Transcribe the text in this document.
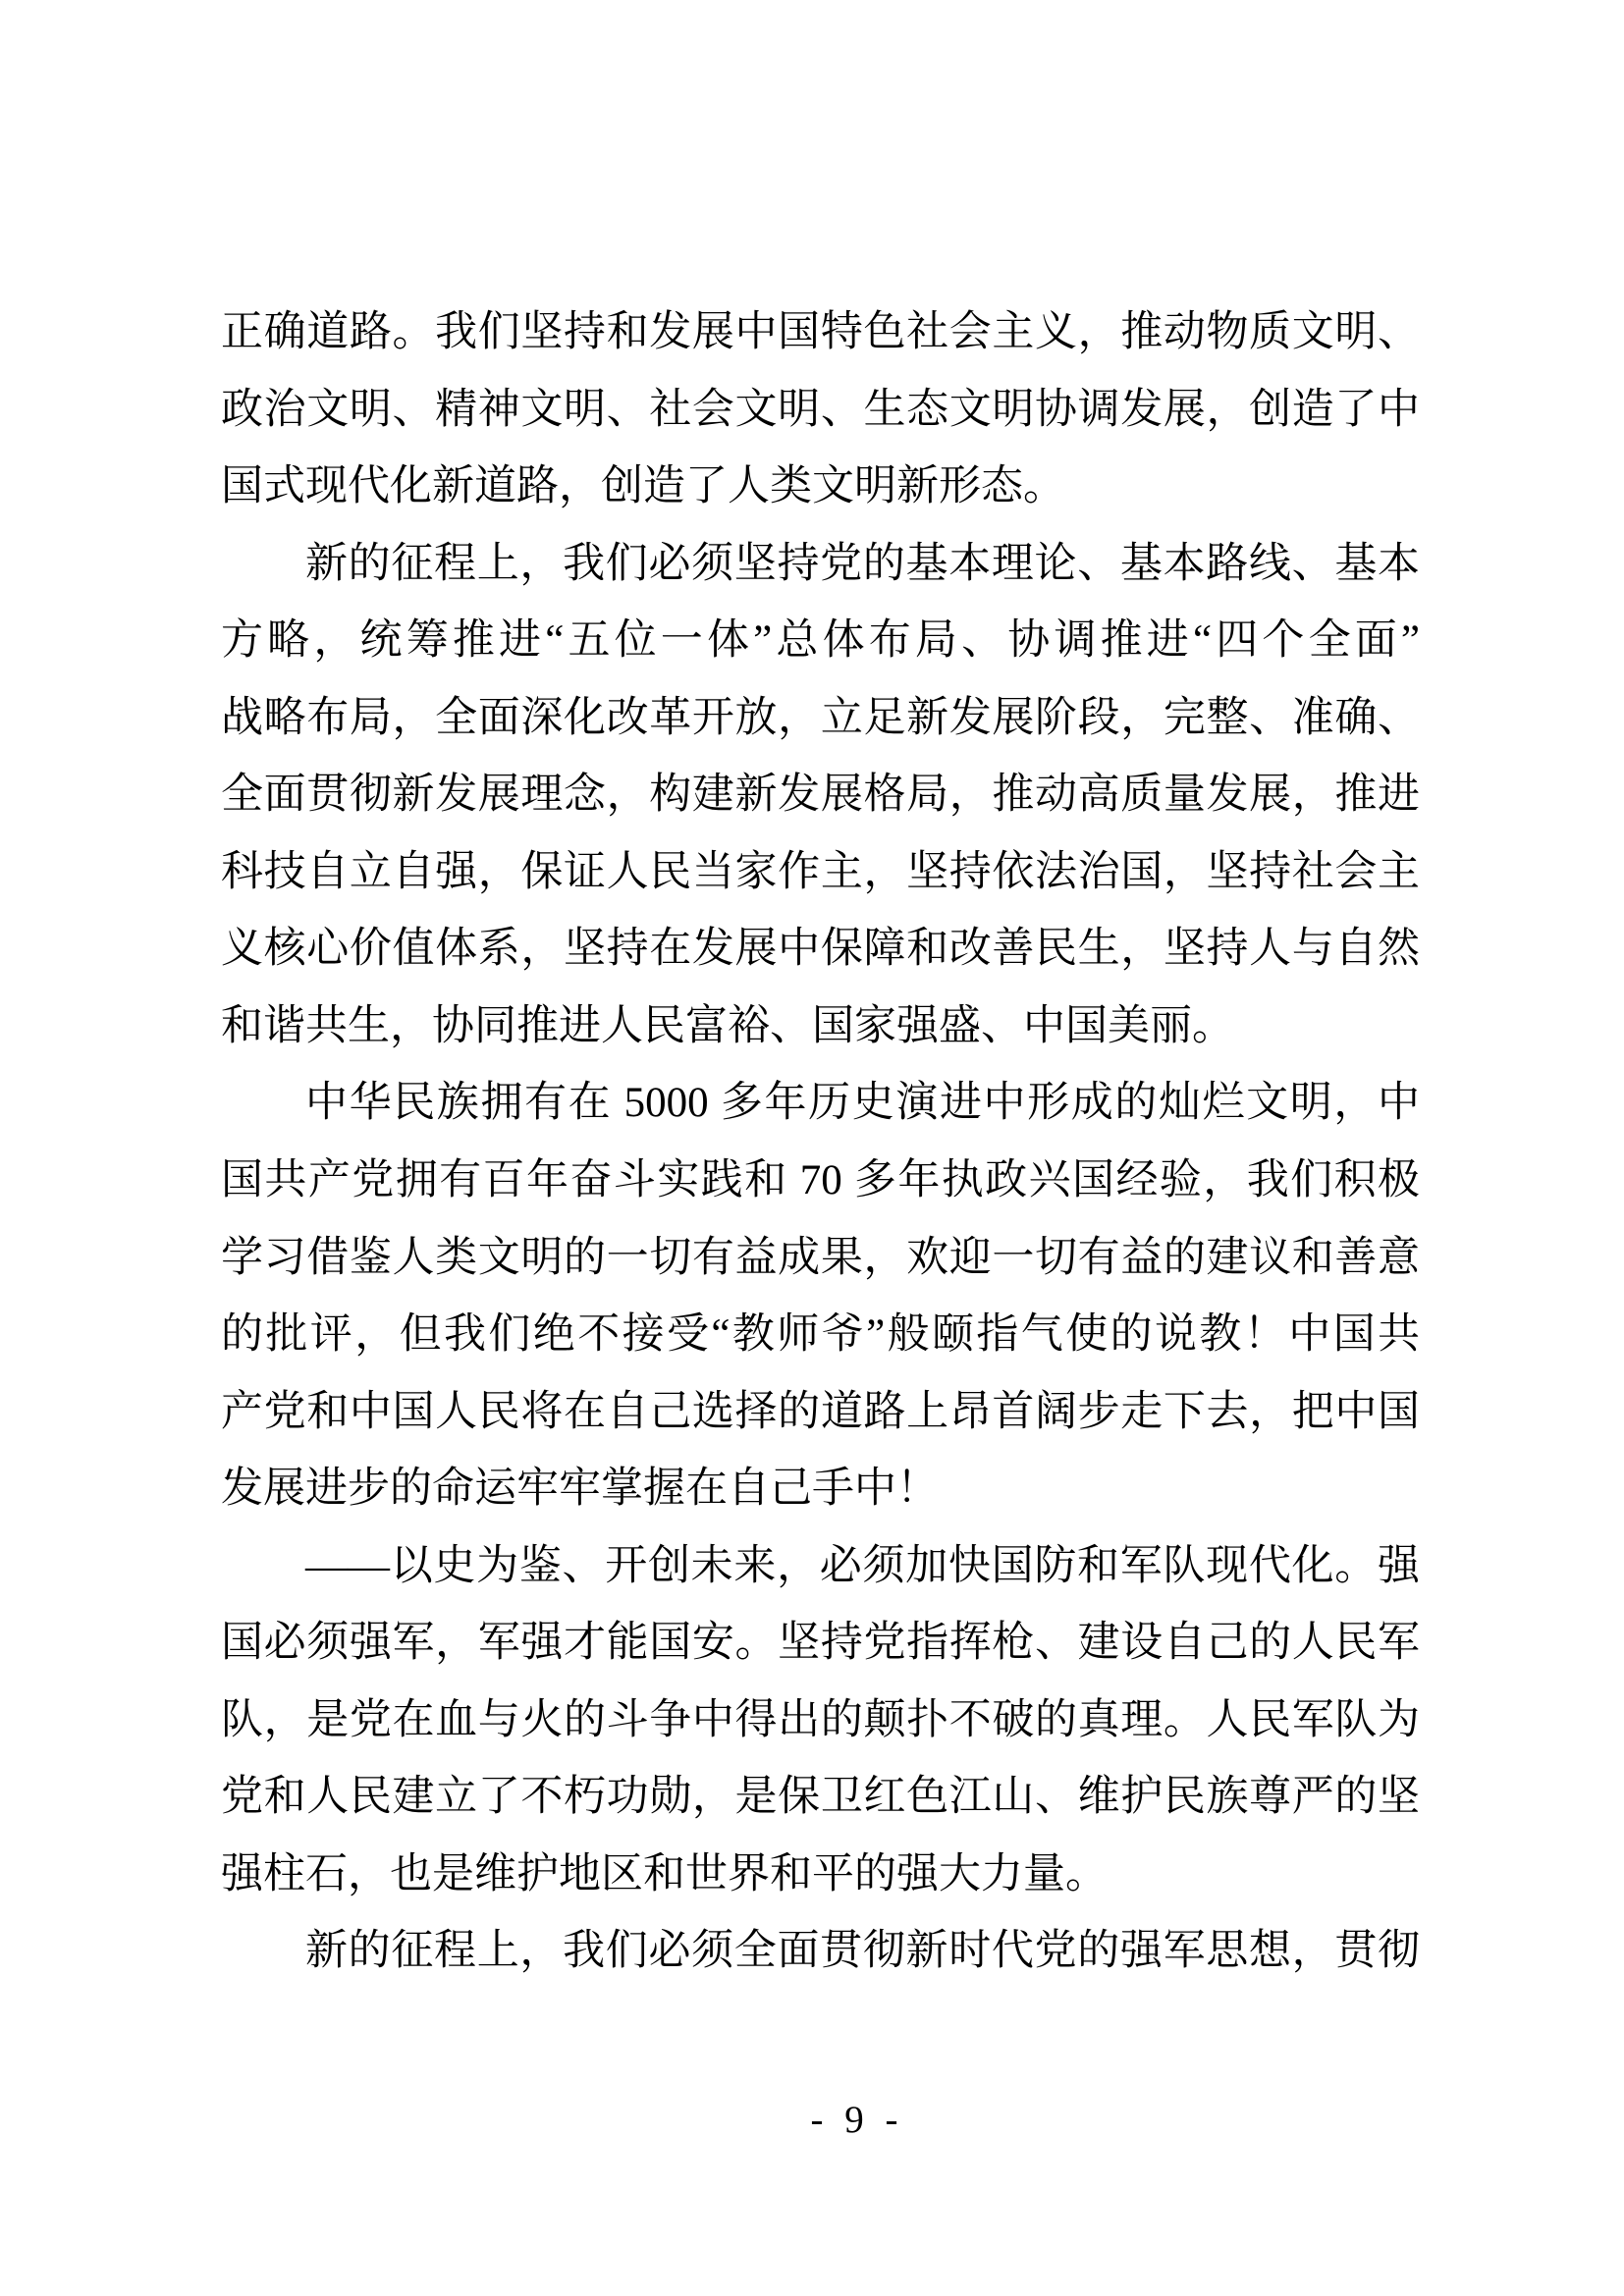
正确道路。我们坚持和发展中国特色社会主义，推动物质文明、
政治文明、精神文明、社会文明、生态文明协调发展，创造了中
国式现代化新道路，创造了人类文明新形态。
新的征程上，我们必须坚持党的基本理论、基本路线、基本
方略，统筹推进“五位一体”总体布局、协调推进“四个全面”
战略布局，全面深化改革开放，立足新发展阶段，完整、准确、
全面贯彻新发展理念，构建新发展格局，推动高质量发展，推进
科技自立自强，保证人民当家作主，坚持依法治国，坚持社会主
义核心价值体系，坚持在发展中保障和改善民生，坚持人与自然
和谐共生，协同推进人民富裕、国家强盛、中国美丽。
中华民族拥有在 5000 多年历史演进中形成的灿烂文明，中
国共产党拥有百年奋斗实践和 70 多年执政兴国经验，我们积极
学习借鉴人类文明的一切有益成果，欢迎一切有益的建议和善意
的批评，但我们绝不接受“教师爷”般颐指气使的说教！中国共
产党和中国人民将在自己选择的道路上昂首阔步走下去，把中国
发展进步的命运牢牢掌握在自己手中！
——以史为鉴、开创未来，必须加快国防和军队现代化。强
国必须强军，军强才能国安。坚持党指挥枪、建设自己的人民军
队，是党在血与火的斗争中得出的颠扑不破的真理。人民军队为
党和人民建立了不朽功勋，是保卫红色江山、维护民族尊严的坚
强柱石，也是维护地区和世界和平的强大力量。
新的征程上，我们必须全面贯彻新时代党的强军思想，贯彻
- 9 -
